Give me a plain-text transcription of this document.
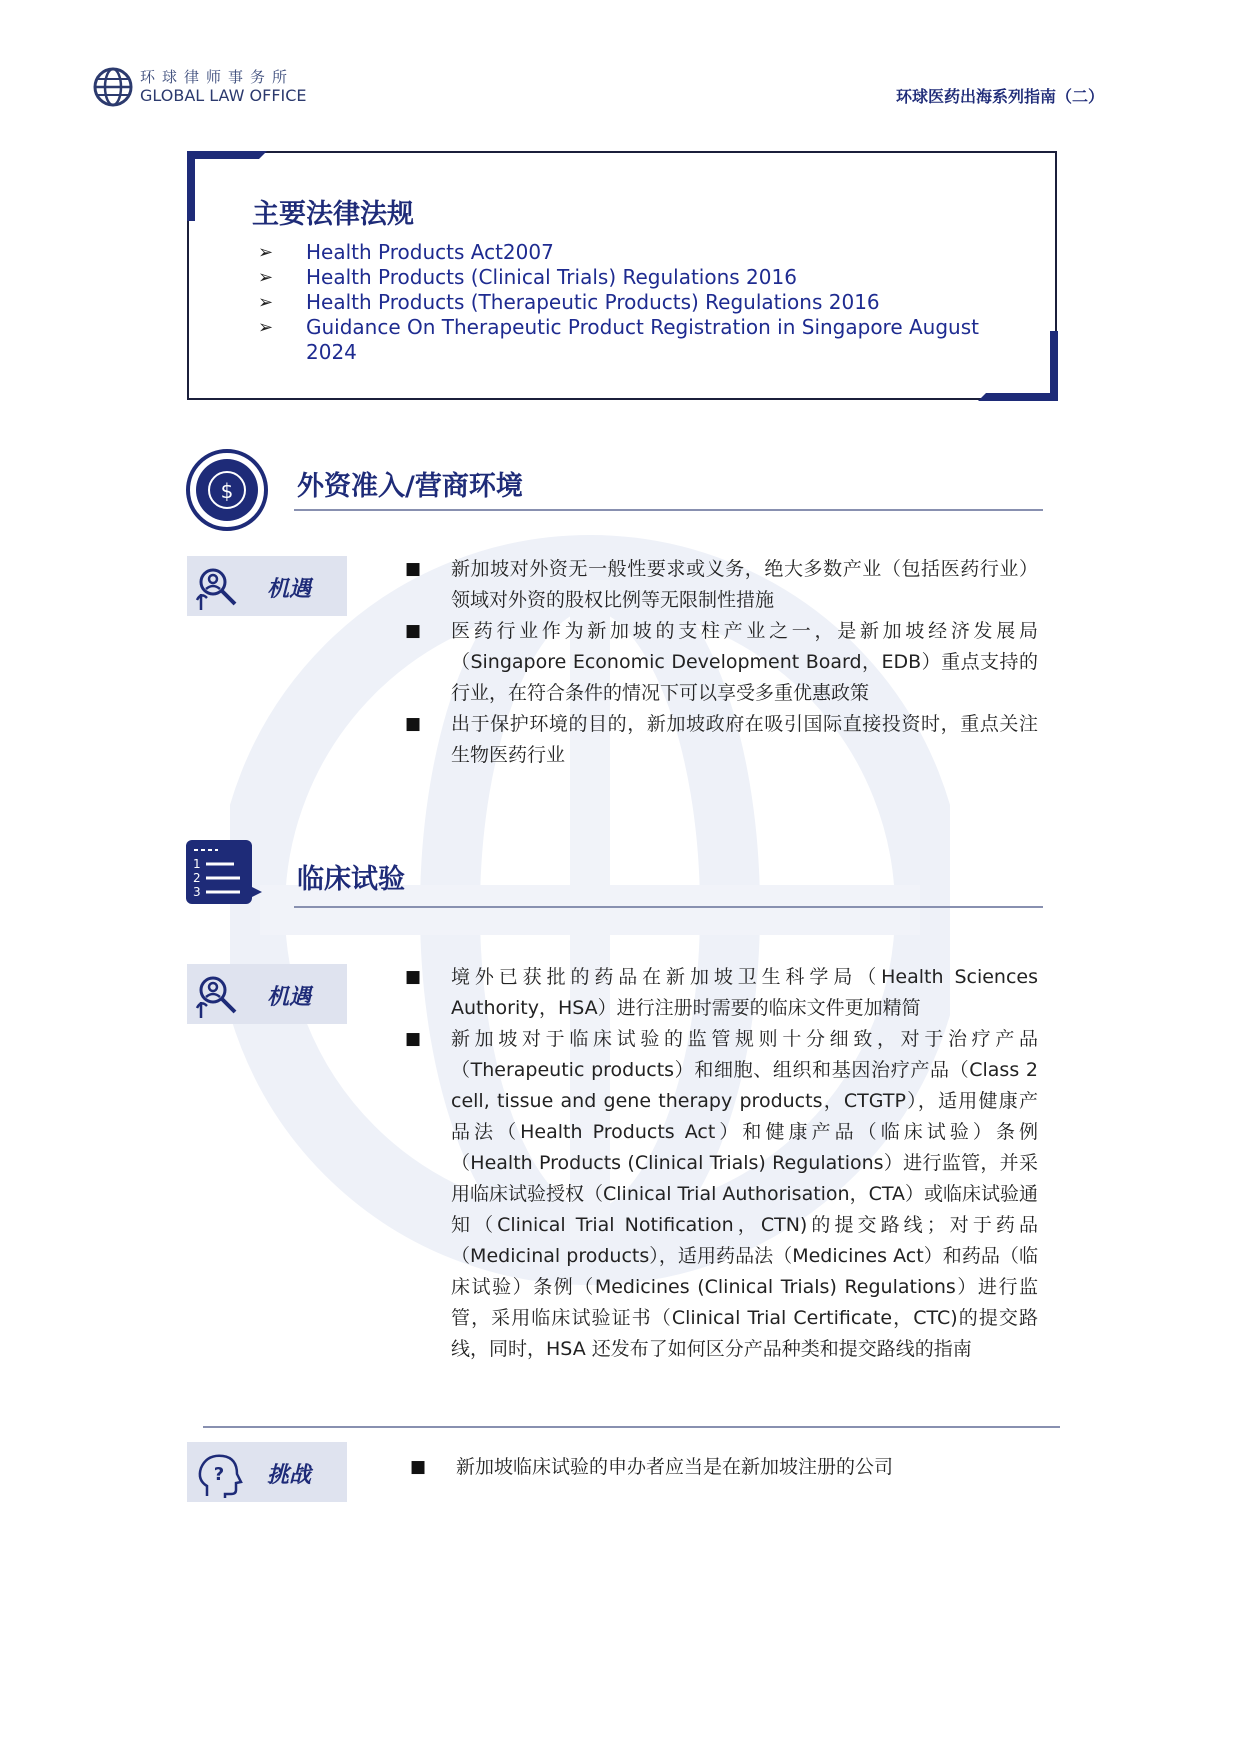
环球律师事务所
GLOBAL LAW OFFICE	环球医药出海系列指南（二）
主要法律法规
➢ Health Products Act2007
➢ Health Products (Clinical Trials) Regulations 2016
➢ Health Products (Therapeutic Products) Regulations 2016
➢ Guidance On Therapeutic Product Registration in Singapore August 2024
$ 外资准入/营商环境
机遇
■ 新加坡对外资无一般性要求或义务，绝大多数产业（包括医药行业）领域对外资的股权比例等无限制性措施
■ 医药行业作为新加坡的支柱产业之一，是新加坡经济发展局（Singapore Economic Development Board，EDB）重点支持的行业，在符合条件的情况下可以享受多重优惠政策
■ 出于保护环境的目的，新加坡政府在吸引国际直接投资时，重点关注生物医药行业
1
2
3	临床试验
机遇
■ 境外已获批的药品在新加坡卫生科学局（Health Sciences Authority，HSA）进行注册时需要的临床文件更加精简
■ 新加坡对于临床试验的监管规则十分细致，对于治疗产品（Therapeutic products）和细胞、组织和基因治疗产品（Class 2 cell, tissue and gene therapy products，CTGTP），适用健康产品法（Health Products Act）和健康产品（临床试验）条例（Health Products (Clinical Trials) Regulations）进行监管，并采用临床试验授权（Clinical Trial Authorisation，CTA）或临床试验通知（Clinical Trial Notification，CTN)的提交路线；对于药品（Medicinal products），适用药品法（Medicines Act）和药品（临床试验）条例（Medicines (Clinical Trials) Regulations）进行监管，采用临床试验证书（Clinical Trial Certificate，CTC)的提交路线，同时，HSA 还发布了如何区分产品种类和提交路线的指南
? 挑战	■ 新加坡临床试验的申办者应当是在新加坡注册的公司
